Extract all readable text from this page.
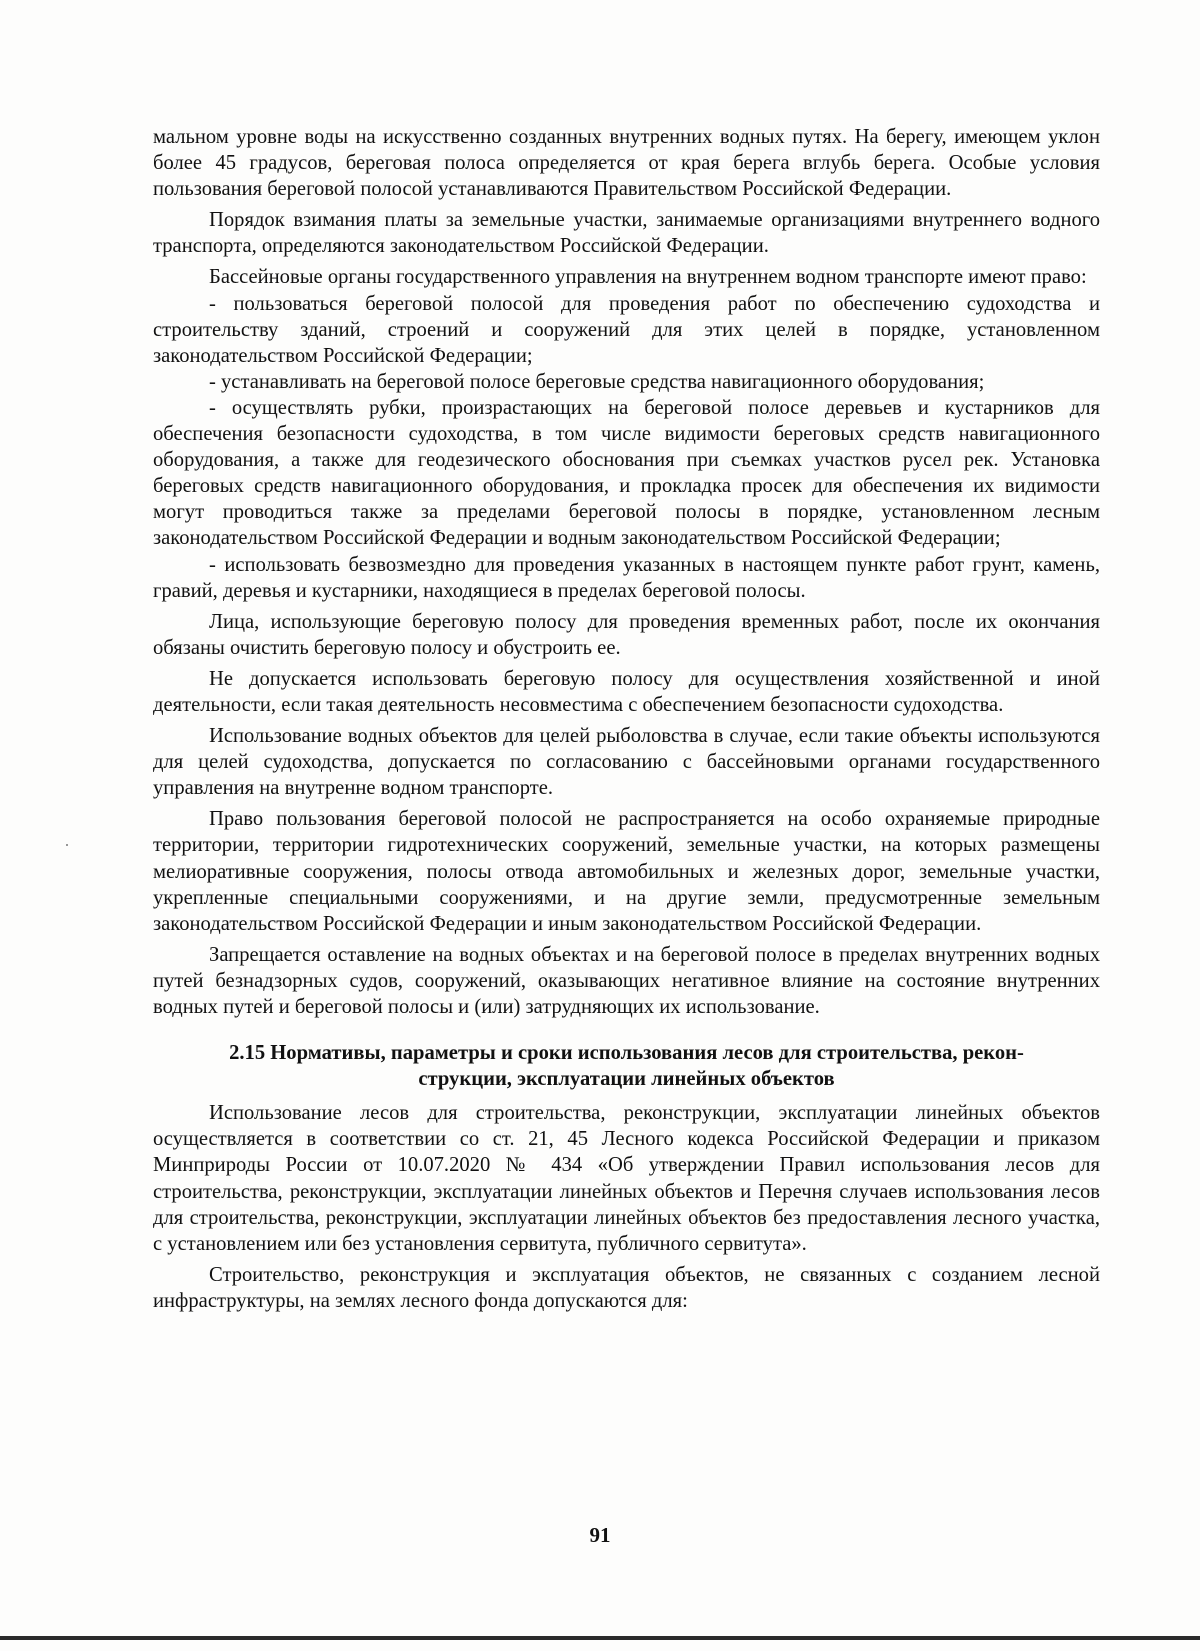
мальном уровне воды на искусственно созданных внутренних водных путях. На берегу, имеющем уклон более 45 градусов, береговая полоса определяется от края берега вглубь берега. Особые условия пользования береговой полосой устанавливаются Правительством Российской Федерации.

Порядок взимания платы за земельные участки, занимаемые организациями внутреннего водного транспорта, определяются законодательством Российской Федерации.

Бассейновые органы государственного управления на внутреннем водном транспорте имеют право:

- пользоваться береговой полосой для проведения работ по обеспечению судоходства и строительству зданий, строений и сооружений для этих целей в порядке, установленном законодательством Российской Федерации;

- устанавливать на береговой полосе береговые средства навигационного оборудования;

- осуществлять рубки, произрастающих на береговой полосе деревьев и кустарников для обеспечения безопасности судоходства, в том числе видимости береговых средств навигационного оборудования, а также для геодезического обоснования при съемках участков русел рек. Установка береговых средств навигационного оборудования, и прокладка просек для обеспечения их видимости могут проводиться также за пределами береговой полосы в порядке, установленном лесным законодательством Российской Федерации и водным законодательством Российской Федерации;

- использовать безвозмездно для проведения указанных в настоящем пункте работ грунт, камень, гравий, деревья и кустарники, находящиеся в пределах береговой полосы.

Лица, использующие береговую полосу для проведения временных работ, после их окончания обязаны очистить береговую полосу и обустроить ее.

Не допускается использовать береговую полосу для осуществления хозяйственной и иной деятельности, если такая деятельность несовместима с обеспечением безопасности судоходства.

Использование водных объектов для целей рыболовства в случае, если такие объекты используются для целей судоходства, допускается по согласованию с бассейновыми органами государственного управления на внутренне водном транспорте.

Право пользования береговой полосой не распространяется на особо охраняемые природные территории, территории гидротехнических сооружений, земельные участки, на которых размещены мелиоративные сооружения, полосы отвода автомобильных и железных дорог, земельные участки, укрепленные специальными сооружениями, и на другие земли, предусмотренные земельным законодательством Российской Федерации и иным законодательством Российской Федерации.

Запрещается оставление на водных объектах и на береговой полосе в пределах внутренних водных путей безнадзорных судов, сооружений, оказывающих негативное влияние на состояние внутренних водных путей и береговой полосы и (или) затрудняющих их использование.

2.15 Нормативы, параметры и сроки использования лесов для строительства, рекон-
струкции, эксплуатации линейных объектов

Использование лесов для строительства, реконструкции, эксплуатации линейных объектов осуществляется в соответствии со ст. 21, 45 Лесного кодекса Российской Федерации и приказом Минприроды России от 10.07.2020 № 434 «Об утверждении Правил использования лесов для строительства, реконструкции, эксплуатации линейных объектов и Перечня случаев использования лесов для строительства, реконструкции, эксплуатации линейных объектов без предоставления лесного участка, с установлением или без установления сервитута, публичного сервитута».

Строительство, реконструкция и эксплуатация объектов, не связанных с созданием лесной инфраструктуры, на землях лесного фонда допускаются для:

91
